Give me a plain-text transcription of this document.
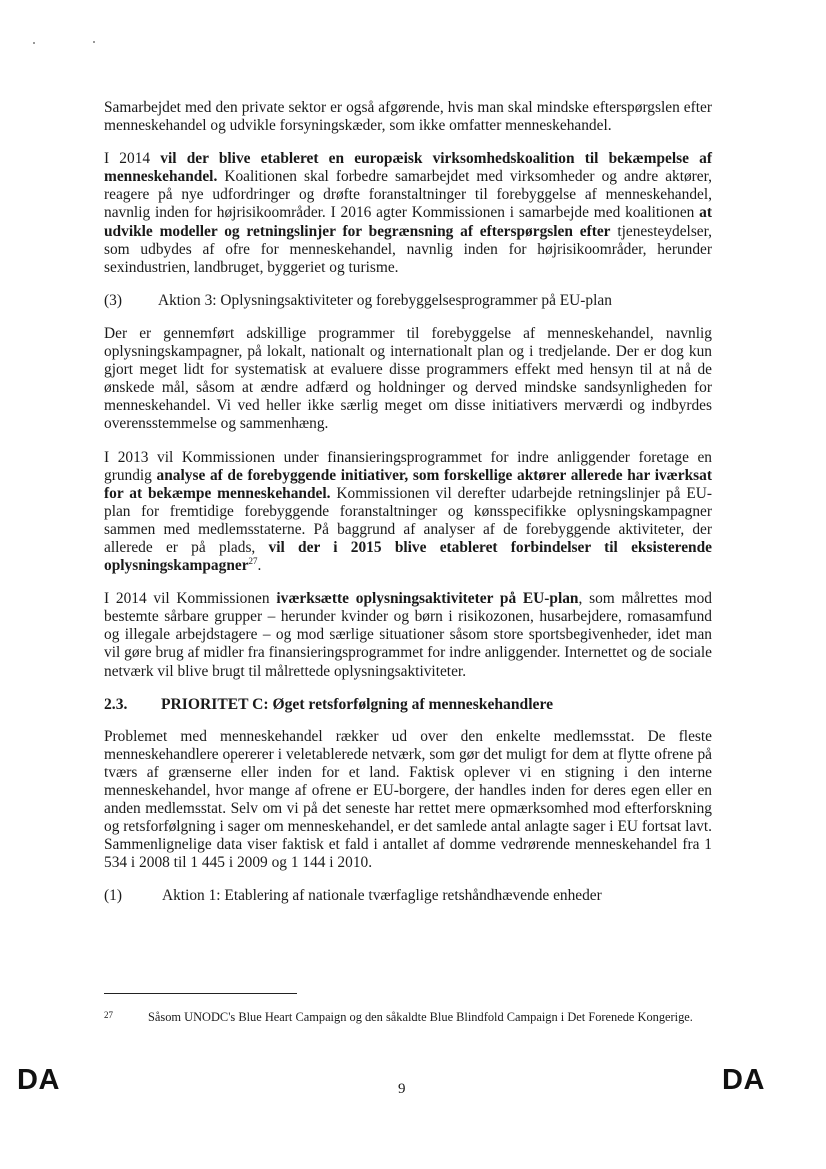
Samarbejdet med den private sektor er også afgørende, hvis man skal mindske efterspørgslen efter menneskehandel og udvikle forsyningskæder, som ikke omfatter menneskehandel.

I 2014 vil der blive etableret en europæisk virksomhedskoalition til bekæmpelse af menneskehandel. Koalitionen skal forbedre samarbejdet med virksomheder og andre aktører, reagere på nye udfordringer og drøfte foranstaltninger til forebyggelse af menneskehandel, navnlig inden for højrisikoområder. I 2016 agter Kommissionen i samarbejde med koalitionen at udvikle modeller og retningslinjer for begrænsning af efterspørgslen efter tjenesteydelser, som udbydes af ofre for menneskehandel, navnlig inden for højrisikoområder, herunder sexindustrien, landbruget, byggeriet og turisme.

(3)	Aktion 3: Oplysningsaktiviteter og forebyggelsesprogrammer på EU-plan

Der er gennemført adskillige programmer til forebyggelse af menneskehandel, navnlig oplysningskampagner, på lokalt, nationalt og internationalt plan og i tredjelande. Der er dog kun gjort meget lidt for systematisk at evaluere disse programmers effekt med hensyn til at nå de ønskede mål, såsom at ændre adfærd og holdninger og derved mindske sandsynligheden for menneskehandel. Vi ved heller ikke særlig meget om disse initiativers merværdi og indbyrdes overensstemmelse og sammenhæng.

I 2013 vil Kommissionen under finansieringsprogrammet for indre anliggender foretage en grundig analyse af de forebyggende initiativer, som forskellige aktører allerede har iværksat for at bekæmpe menneskehandel. Kommissionen vil derefter udarbejde retningslinjer på EU-plan for fremtidige forebyggende foranstaltninger og kønsspecifikke oplysningskampagner sammen med medlemsstaterne. På baggrund af analyser af de forebyggende aktiviteter, der allerede er på plads, vil der i 2015 blive etableret forbindelser til eksisterende oplysningskampagner$^{27}$.

I 2014 vil Kommissionen iværksætte oplysningsaktiviteter på EU-plan, som målrettes mod bestemte sårbare grupper – herunder kvinder og børn i risikozonen, husarbejdere, romasamfund og illegale arbejdstagere – og mod særlige situationer såsom store sportsbegivenheder, idet man vil gøre brug af midler fra finansieringsprogrammet for indre anliggender. Internettet og de sociale netværk vil blive brugt til målrettede oplysningsaktiviteter.

2.3.	PRIORITET C: Øget retsforfølgning af menneskehandlere

Problemet med menneskehandel rækker ud over den enkelte medlemsstat. De fleste menneskehandlere opererer i veletablerede netværk, som gør det muligt for dem at flytte ofrene på tværs af grænserne eller inden for et land. Faktisk oplever vi en stigning i den interne menneskehandel, hvor mange af ofrene er EU-borgere, der handles inden for deres egen eller en anden medlemsstat. Selv om vi på det seneste har rettet mere opmærksomhed mod efterforskning og retsforfølgning i sager om menneskehandel, er det samlede antal anlagte sager i EU fortsat lavt. Sammenlignelige data viser faktisk et fald i antallet af domme vedrørende menneskehandel fra 1 534 i 2008 til 1 445 i 2009 og 1 144 i 2010.

(1)	Aktion 1: Etablering af nationale tværfaglige retshåndhævende enheder
27	Såsom UNODC's Blue Heart Campaign og den såkaldte Blue Blindfold Campaign i Det Forenede Kongerige.
DA	9	DA
